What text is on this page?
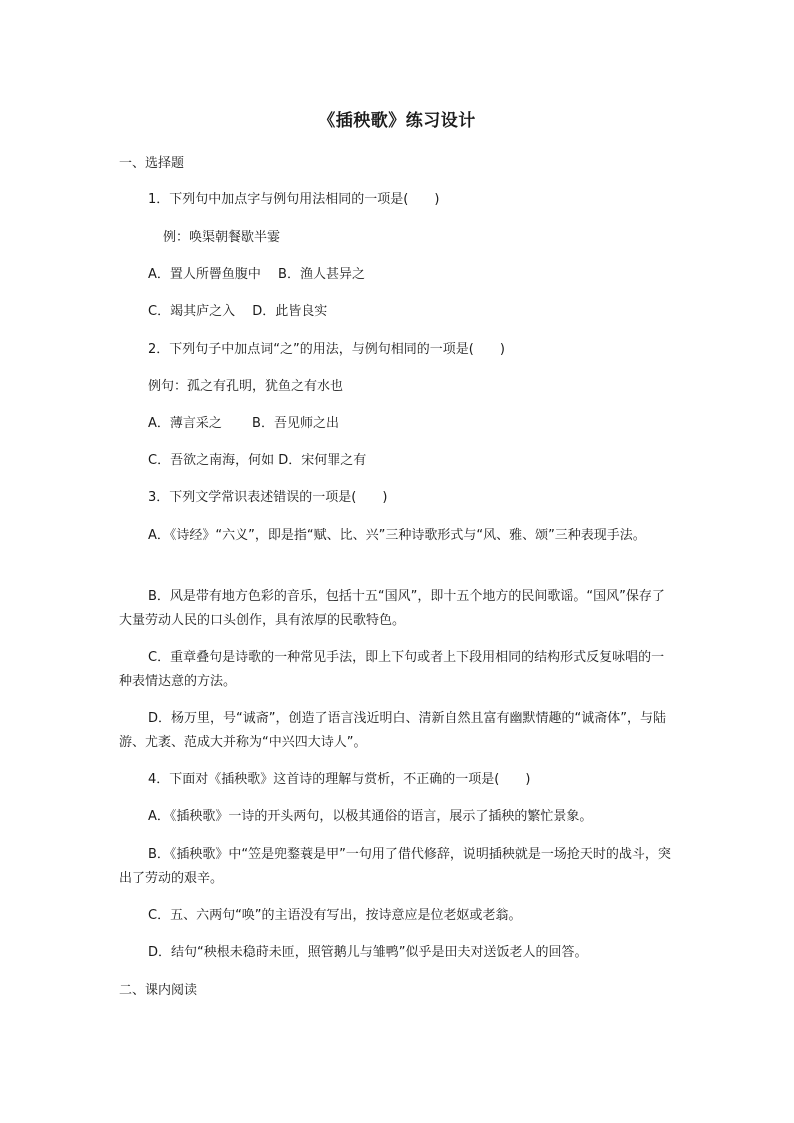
《插秧歌》练习设计
一、选择题
1．下列句中加点字与例句用法相同的一项是(　　)
例：唤渠朝餐歇半霎
A．置人所罾鱼腹中　 B．渔人甚异之
C．竭其庐之入　 D．此皆良实
2．下列句子中加点词“之”的用法，与例句相同的一项是(　　)
例句：孤之有孔明，犹鱼之有水也
A．薄言采之　　 B．吾见师之出
C．吾欲之南海，何如 D．宋何罪之有
3．下列文学常识表述错误的一项是(　　)
A．《诗经》“六义”，即是指“赋、比、兴”三种诗歌形式与“风、雅、颂”三种表现手法。
B．风是带有地方色彩的音乐，包括十五“国风”，即十五个地方的民间歌谣。“国风”保存了大量劳动人民的口头创作，具有浓厚的民歌特色。
C．重章叠句是诗歌的一种常见手法，即上下句或者上下段用相同的结构形式反复咏唱的一种表情达意的方法。
D．杨万里，号“诚斋”，创造了语言浅近明白、清新自然且富有幽默情趣的“诚斋体”，与陆游、尤袤、范成大并称为“中兴四大诗人”。
4．下面对《插秧歌》这首诗的理解与赏析，不正确的一项是(　　)
A．《插秧歌》一诗的开头两句，以极其通俗的语言，展示了插秧的繁忙景象。
B．《插秧歌》中“笠是兜鍪蓑是甲”一句用了借代修辞，说明插秧就是一场抢天时的战斗，突出了劳动的艰辛。
C．五、六两句“唤”的主语没有写出，按诗意应是位老妪或老翁。
D．结句“秧根未稳莳未匝，照管鹅儿与雏鸭”似乎是田夫对送饭老人的回答。
二、课内阅读
